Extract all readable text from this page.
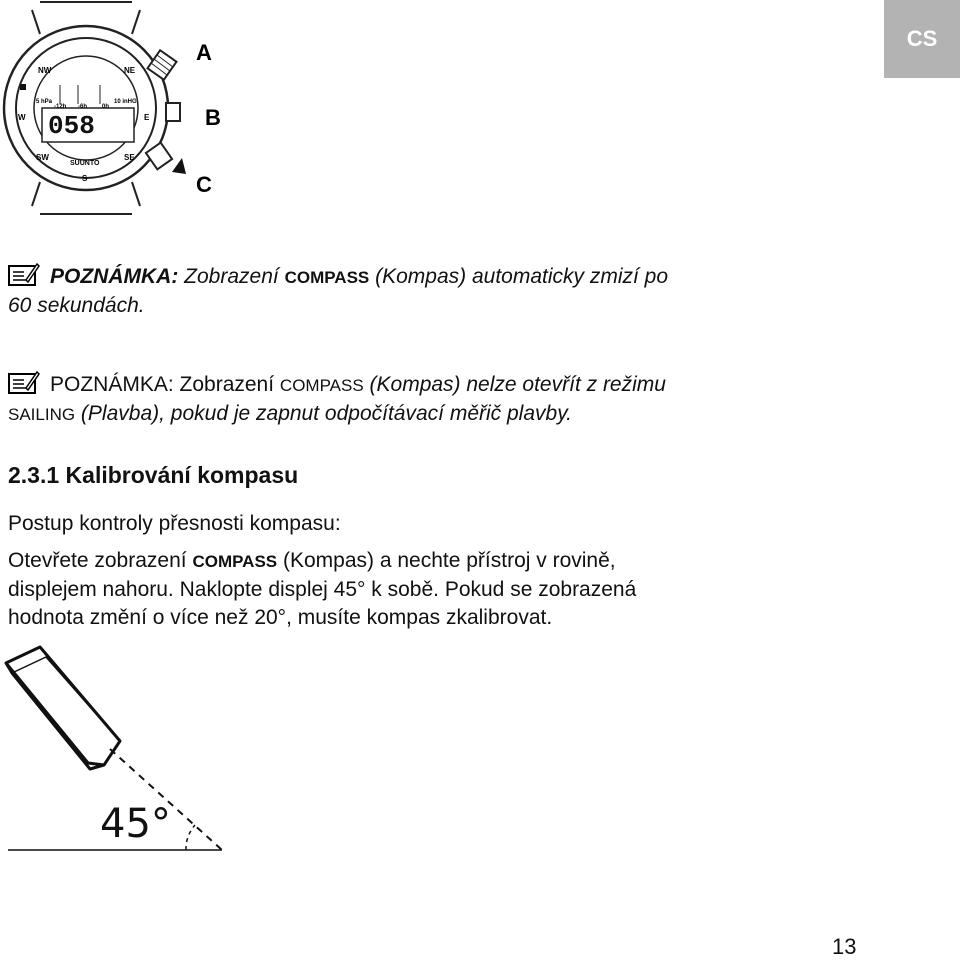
CS
058
NW	NE
W	E
SW	SE
S
5 hPa
-12h -6h	0h
10 inHG
SUUNTO
A
B
C
POZNÁMKA: Zobrazení COMPASS (Kompas) automaticky zmizí po
60 sekundách.
POZNÁMKA: Zobrazení COMPASS (Kompas) nelze otevřít z režimu
SAILING (Plavba), pokud je zapnut odpočítávací měřič plavby.
2.3.1 Kalibrování kompasu
Postup kontroly přesnosti kompasu:
Otevřete zobrazení COMPASS (Kompas) a nechte přístroj v rovině,
displejem nahoru. Naklopte displej 45° k sobě. Pokud se zobrazená
hodnota změní o více než 20°, musíte kompas zkalibrovat.
45°
13
